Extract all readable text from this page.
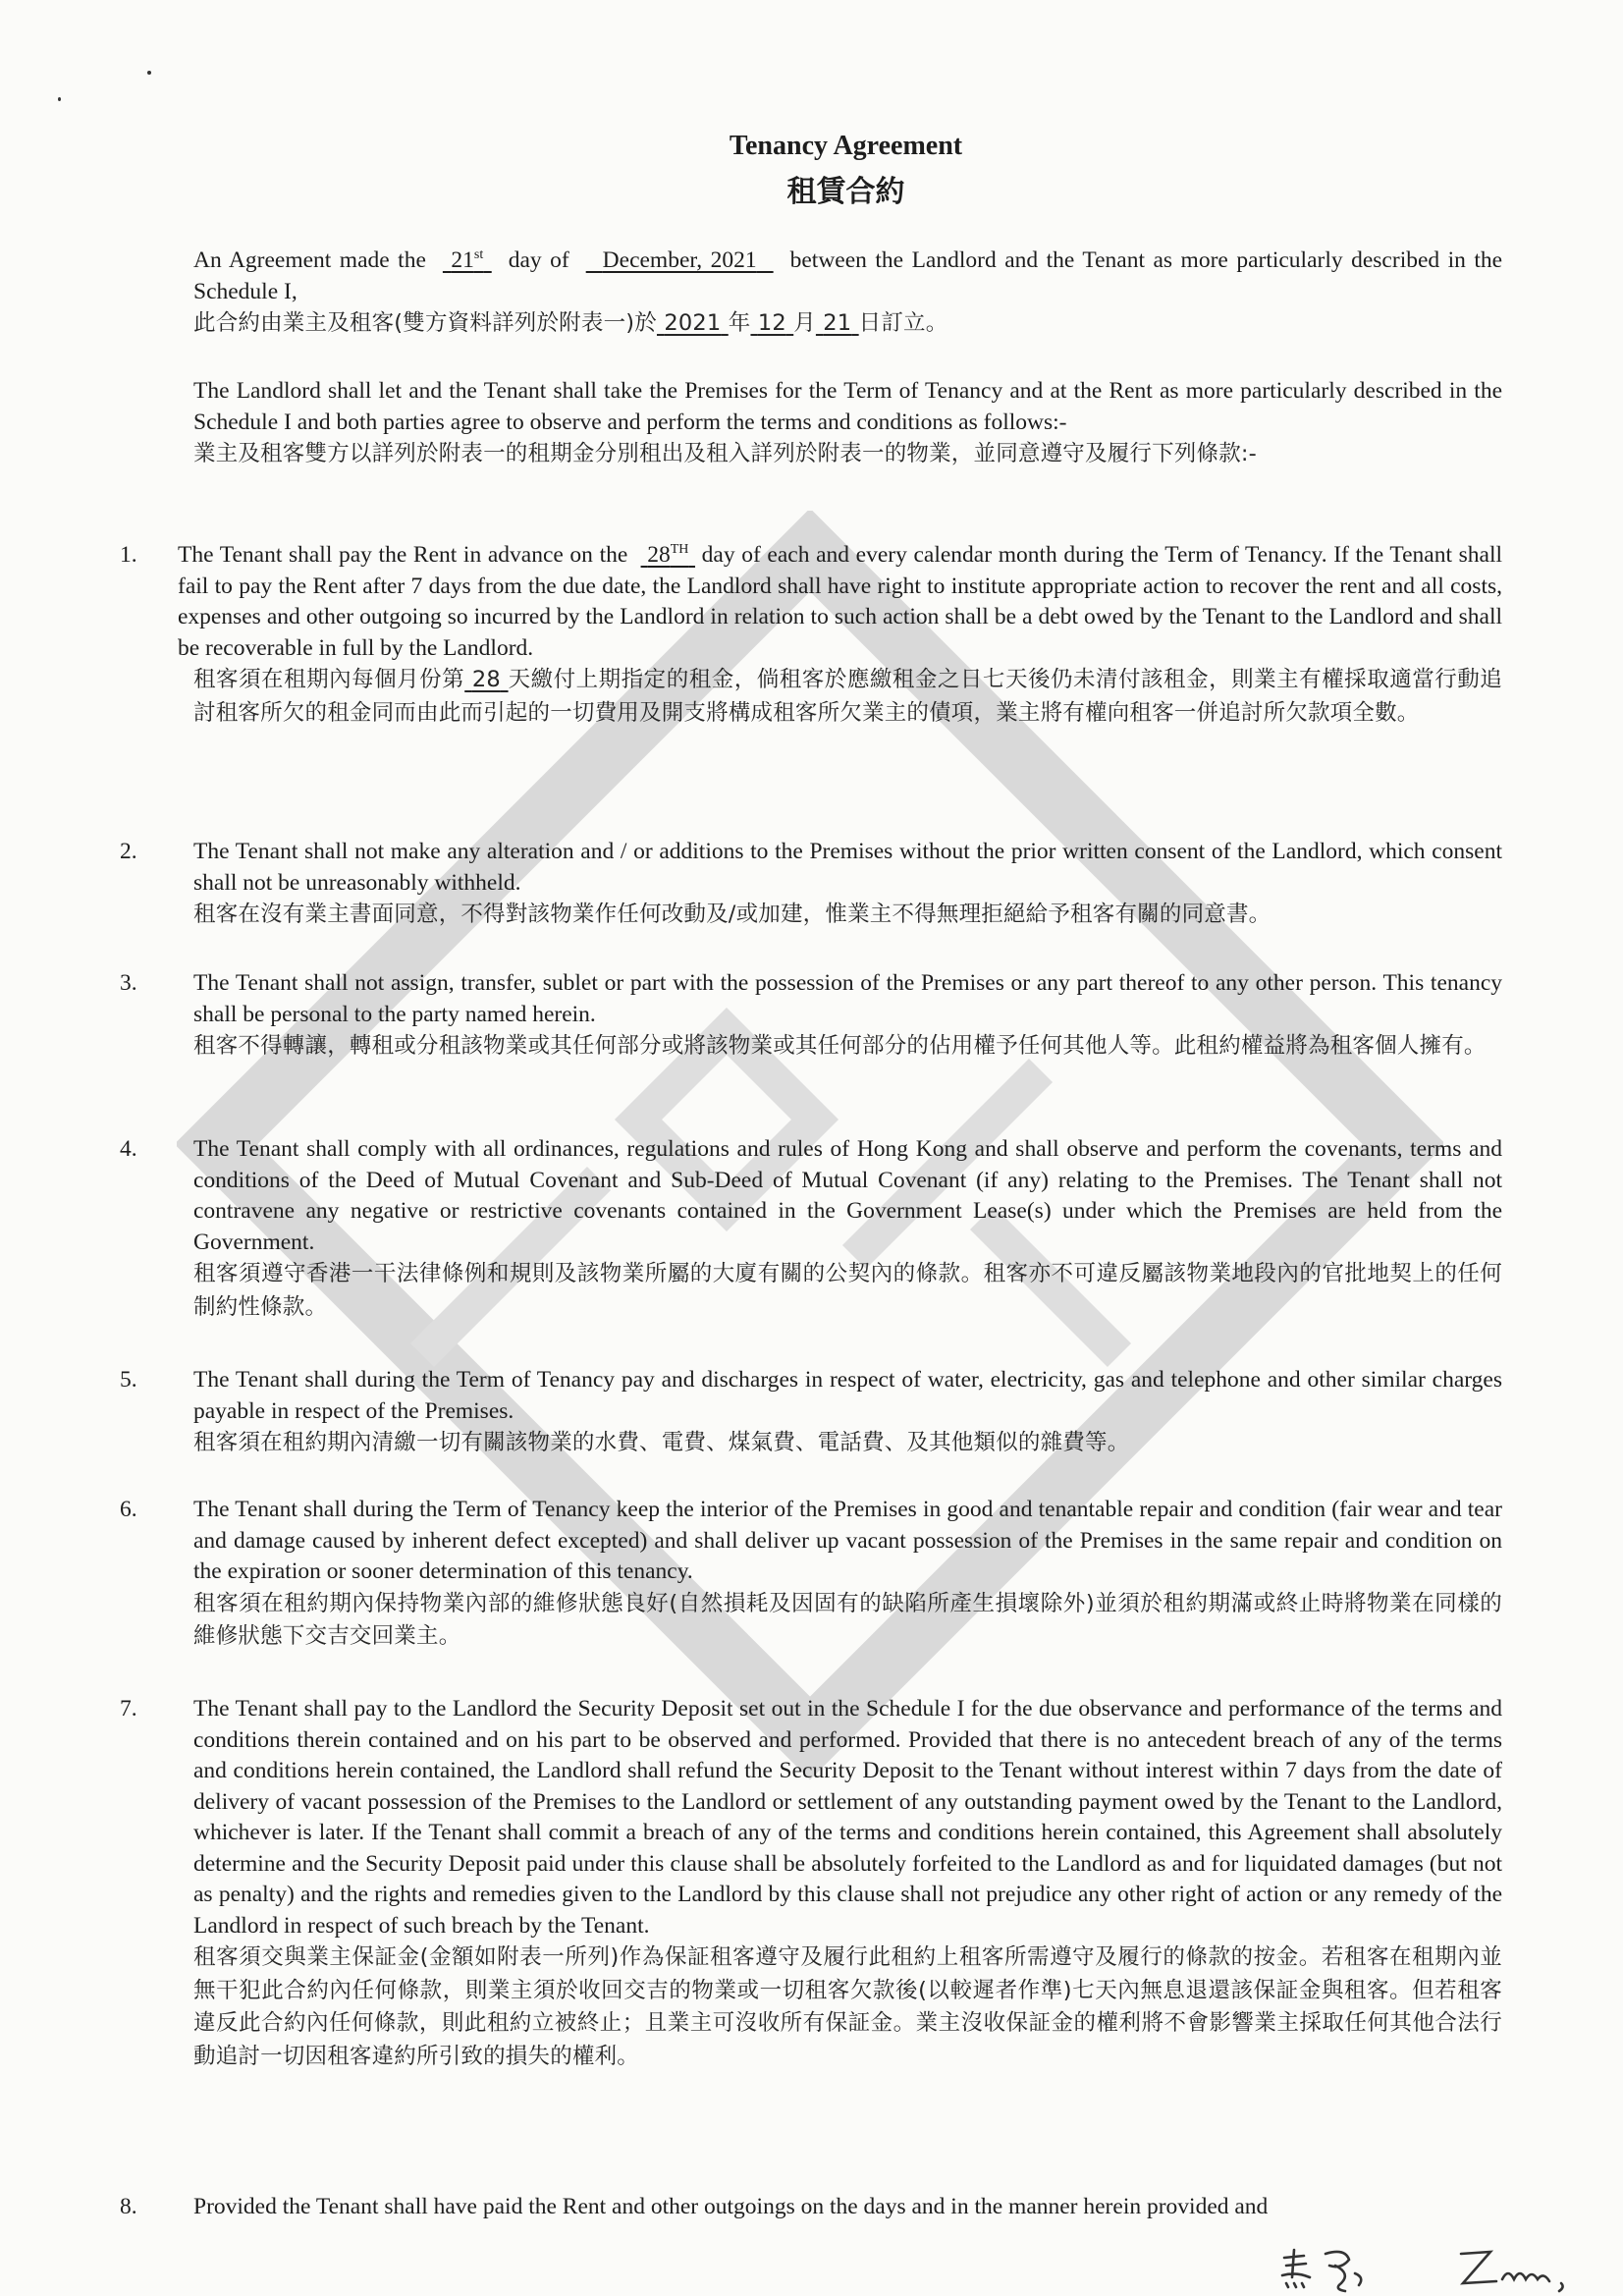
Tenancy Agreement
租賃合約
An Agreement made the 21st day of December, 2021 between the Landlord and the Tenant as more particularly described in the Schedule I,
此合約由業主及租客(雙方資料詳列於附表一)於 2021 年 12 月 21 日訂立。
The Landlord shall let and the Tenant shall take the Premises for the Term of Tenancy and at the Rent as more particularly described in the Schedule I and both parties agree to observe and perform the terms and conditions as follows:-
業主及租客雙方以詳列於附表一的租期金分別租出及租入詳列於附表一的物業，並同意遵守及履行下列條款:-
1.	The Tenant shall pay the Rent in advance on the 28TH day of each and every calendar month during the Term of Tenancy. If the Tenant shall fail to pay the Rent after 7 days from the due date, the Landlord shall have right to institute appropriate action to recover the rent and all costs, expenses and other outgoing so incurred by the Landlord in relation to such action shall be a debt owed by the Tenant to the Landlord and shall be recoverable in full by the Landlord.
租客須在租期內每個月份第 28 天繳付上期指定的租金，倘租客於應繳租金之日七天後仍未清付該租金，則業主有權採取適當行動追討租客所欠的租金同而由此而引起的一切費用及開支將構成租客所欠業主的債項，業主將有權向租客一併追討所欠款項全數。
2.	The Tenant shall not make any alteration and / or additions to the Premises without the prior written consent of the Landlord, which consent shall not be unreasonably withheld.
租客在沒有業主書面同意，不得對該物業作任何改動及/或加建，惟業主不得無理拒絕給予租客有關的同意書。
3.	The Tenant shall not assign, transfer, sublet or part with the possession of the Premises or any part thereof to any other person. This tenancy shall be personal to the party named herein.
租客不得轉讓，轉租或分租該物業或其任何部分或將該物業或其任何部分的佔用權予任何其他人等。此租約權益將為租客個人擁有。
4.	The Tenant shall comply with all ordinances, regulations and rules of Hong Kong and shall observe and perform the covenants, terms and conditions of the Deed of Mutual Covenant and Sub-Deed of Mutual Covenant (if any) relating to the Premises. The Tenant shall not contravene any negative or restrictive covenants contained in the Government Lease(s) under which the Premises are held from the Government.
租客須遵守香港一干法律條例和規則及該物業所屬的大廈有關的公契內的條款。租客亦不可違反屬該物業地段內的官批地契上的任何制約性條款。
5.	The Tenant shall during the Term of Tenancy pay and discharges in respect of water, electricity, gas and telephone and other similar charges payable in respect of the Premises.
租客須在租約期內清繳一切有關該物業的水費、電費、煤氣費、電話費、及其他類似的雜費等。
6.	The Tenant shall during the Term of Tenancy keep the interior of the Premises in good and tenantable repair and condition (fair wear and tear and damage caused by inherent defect excepted) and shall deliver up vacant possession of the Premises in the same repair and condition on the expiration or sooner determination of this tenancy.
租客須在租約期內保持物業內部的維修狀態良好(自然損耗及因固有的缺陷所產生損壞除外)並須於租約期滿或終止時將物業在同樣的維修狀態下交吉交回業主。
7.	The Tenant shall pay to the Landlord the Security Deposit set out in the Schedule I for the due observance and performance of the terms and conditions therein contained and on his part to be observed and performed. Provided that there is no antecedent breach of any of the terms and conditions herein contained, the Landlord shall refund the Security Deposit to the Tenant without interest within 7 days from the date of delivery of vacant possession of the Premises to the Landlord or settlement of any outstanding payment owed by the Tenant to the Landlord, whichever is later. If the Tenant shall commit a breach of any of the terms and conditions herein contained, this Agreement shall absolutely determine and the Security Deposit paid under this clause shall be absolutely forfeited to the Landlord as and for liquidated damages (but not as penalty) and the rights and remedies given to the Landlord by this clause shall not prejudice any other right of action or any remedy of the Landlord in respect of such breach by the Tenant.
租客須交與業主保証金(金額如附表一所列)作為保証租客遵守及履行此租約上租客所需遵守及履行的條款的按金。若租客在租期內並無干犯此合約內任何條款，則業主須於收回交吉的物業或一切租客欠款後(以較遲者作準)七天內無息退還該保証金與租客。但若租客違反此合約內任何條款，則此租約立被終止；且業主可沒收所有保証金。業主沒收保証金的權利將不會影響業主採取任何其他合法行動追討一切因租客違約所引致的損失的權利。
8.	Provided the Tenant shall have paid the Rent and other outgoings on the days and in the manner herein provided and
